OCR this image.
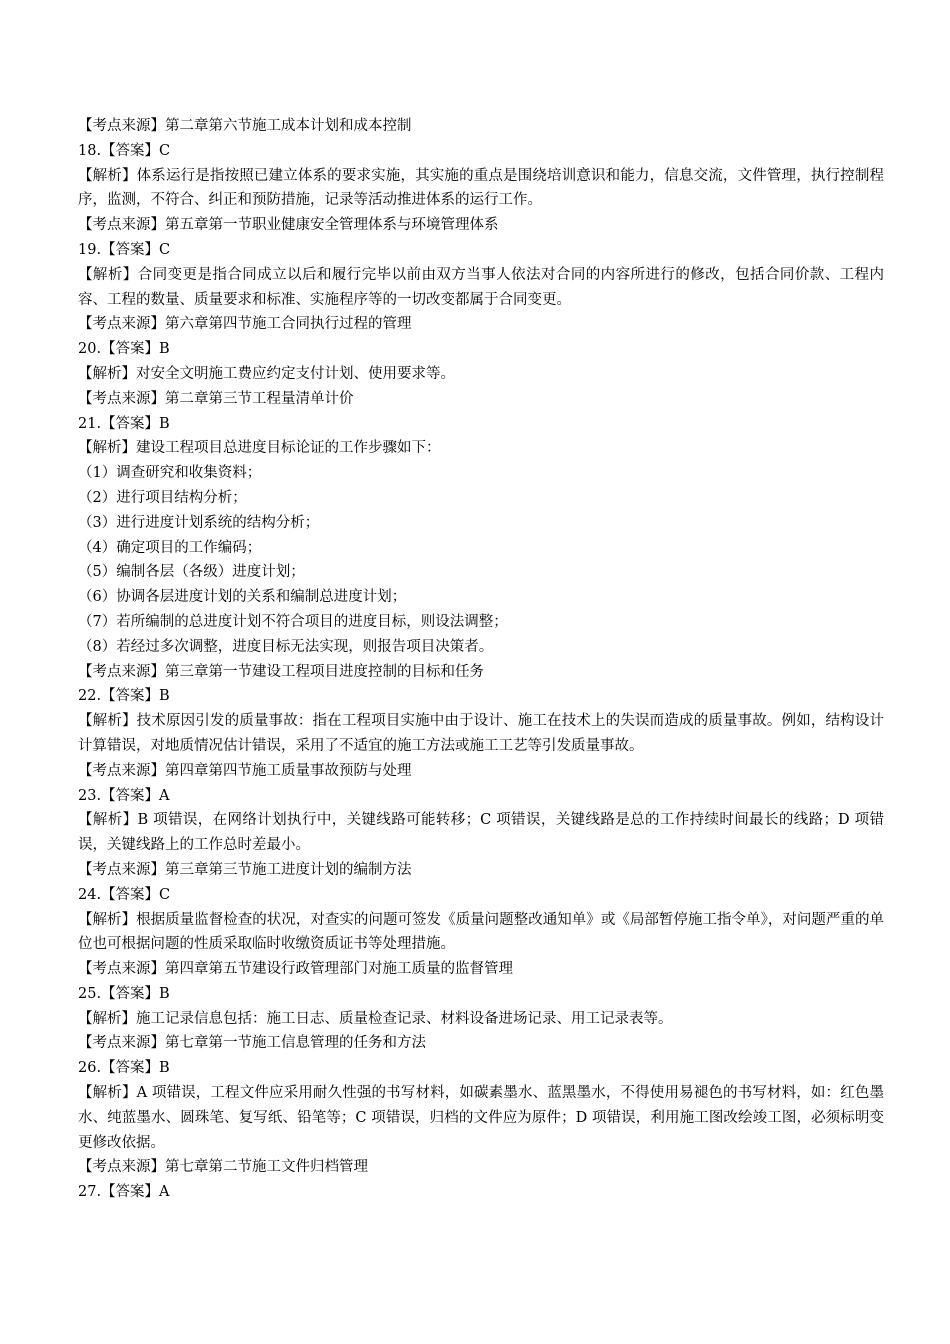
【考点来源】第二章第六节施工成本计划和成本控制
18.【答案】C
【解析】体系运行是指按照已建立体系的要求实施，其实施的重点是围绕培训意识和能力，信息交流，文件管理，执行控制程序，监测，不符合、纠正和预防措施，记录等活动推进体系的运行工作。
【考点来源】第五章第一节职业健康安全管理体系与环境管理体系
19.【答案】C
【解析】合同变更是指合同成立以后和履行完毕以前由双方当事人依法对合同的内容所进行的修改，包括合同价款、工程内容、工程的数量、质量要求和标准、实施程序等的一切改变都属于合同变更。
【考点来源】第六章第四节施工合同执行过程的管理
20.【答案】B
【解析】对安全文明施工费应约定支付计划、使用要求等。
【考点来源】第二章第三节工程量清单计价
21.【答案】B
【解析】建设工程项目总进度目标论证的工作步骤如下：
（1）调查研究和收集资料；
（2）进行项目结构分析；
（3）进行进度计划系统的结构分析；
（4）确定项目的工作编码；
（5）编制各层（各级）进度计划；
（6）协调各层进度计划的关系和编制总进度计划；
（7）若所编制的总进度计划不符合项目的进度目标，则设法调整；
（8）若经过多次调整，进度目标无法实现，则报告项目决策者。
【考点来源】第三章第一节建设工程项目进度控制的目标和任务
22.【答案】B
【解析】技术原因引发的质量事故：指在工程项目实施中由于设计、施工在技术上的失误而造成的质量事故。例如，结构设计计算错误，对地质情况估计错误，采用了不适宜的施工方法或施工工艺等引发质量事故。
【考点来源】第四章第四节施工质量事故预防与处理
23.【答案】A
【解析】B 项错误，在网络计划执行中，关键线路可能转移；C 项错误，关键线路是总的工作持续时间最长的线路；D 项错误，关键线路上的工作总时差最小。
【考点来源】第三章第三节施工进度计划的编制方法
24.【答案】C
【解析】根据质量监督检查的状况，对查实的问题可签发《质量问题整改通知单》或《局部暂停施工指令单》，对问题严重的单位也可根据问题的性质采取临时收缴资质证书等处理措施。
【考点来源】第四章第五节建设行政管理部门对施工质量的监督管理
25.【答案】B
【解析】施工记录信息包括：施工日志、质量检查记录、材料设备进场记录、用工记录表等。
【考点来源】第七章第一节施工信息管理的任务和方法
26.【答案】B
【解析】A 项错误，工程文件应采用耐久性强的书写材料，如碳素墨水、蓝黑墨水，不得使用易褪色的书写材料，如：红色墨水、纯蓝墨水、圆珠笔、复写纸、铅笔等；C 项错误，归档的文件应为原件；D 项错误，利用施工图改绘竣工图，必须标明变更修改依据。
【考点来源】第七章第二节施工文件归档管理
27.【答案】A
